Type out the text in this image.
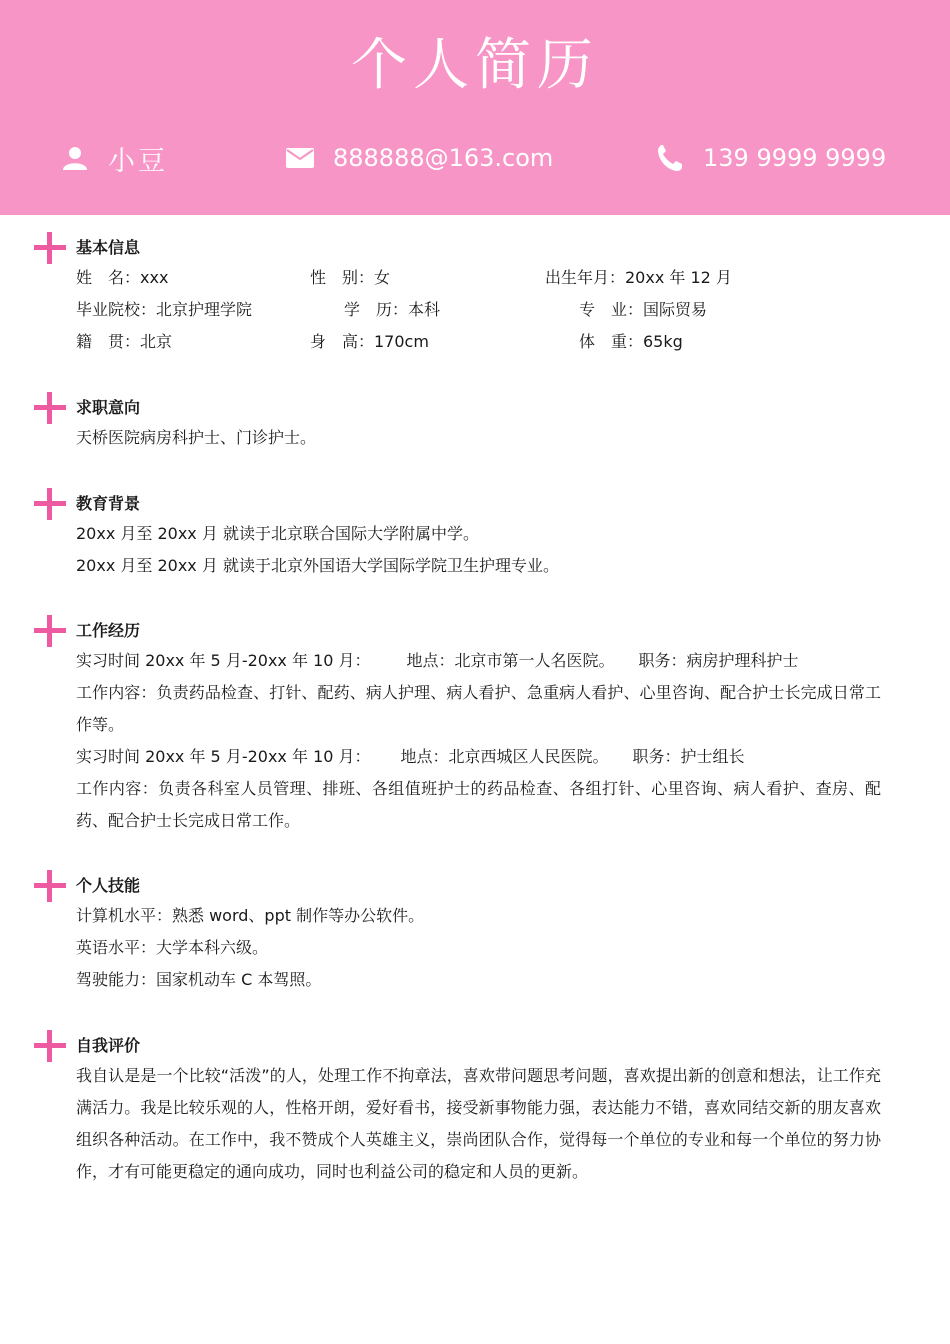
个人简历
小豆	888888@163.com	139 9999 9999
基本信息
姓　名：xxx	性　别：女	出生年月：20xx 年 12 月
毕业院校：北京护理学院	学　历：本科	专　业：国际贸易
籍　贯：北京	身　高：170cm	体　重：65kg
求职意向
天桥医院病房科护士、门诊护士。
教育背景
20xx 月至 20xx 月 就读于北京联合国际大学附属中学。
20xx 月至 20xx 月 就读于北京外国语大学国际学院卫生护理专业。
工作经历
实习时间 20xx 年 5 月-20xx 年 10 月： 地点：北京市第一人名医院。 职务：病房护理科护士
工作内容：负责药品检查、打针、配药、病人护理、病人看护、急重病人看护、心里咨询、配合护士长完成日常工作等。
实习时间 20xx 年 5 月-20xx 年 10 月： 地点：北京西城区人民医院。 职务：护士组长
工作内容：负责各科室人员管理、排班、各组值班护士的药品检查、各组打针、心里咨询、病人看护、查房、配药、配合护士长完成日常工作。
个人技能
计算机水平：熟悉 word、ppt 制作等办公软件。
英语水平：大学本科六级。
驾驶能力：国家机动车 C 本驾照。
自我评价
我自认是是一个比较“活泼”的人，处理工作不拘章法，喜欢带问题思考问题，喜欢提出新的创意和想法，让工作充满活力。我是比较乐观的人，性格开朗，爱好看书，接受新事物能力强，表达能力不错，喜欢同结交新的朋友喜欢组织各种活动。在工作中，我不赞成个人英雄主义，崇尚团队合作，觉得每一个单位的专业和每一个单位的努力协作，才有可能更稳定的通向成功，同时也利益公司的稳定和人员的更新。
